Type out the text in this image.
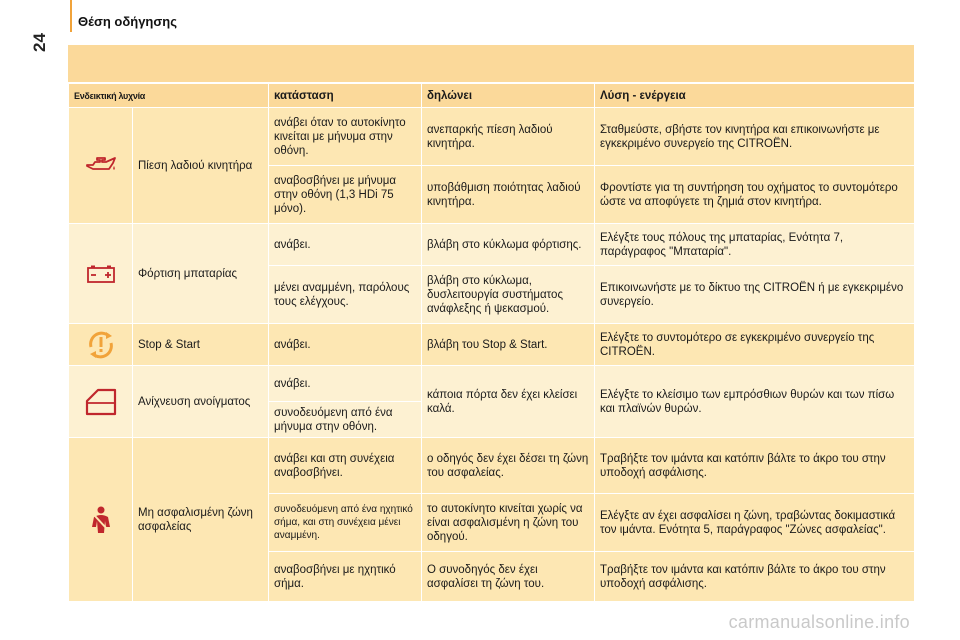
24
Θέση οδήγησης
Ενδεικτική λυχνία		κατάσταση	δηλώνει	Λύση - ενέργεια

	Πίεση λαδιού κινητήρα	ανάβει όταν το αυτοκίνητο κινείται με μήνυμα στην οθόνη.	ανεπαρκής πίεση λαδιού κινητήρα.	Σταθμεύστε, σβήστε τον κινητήρα και επικοινωνήστε με εγκεκριμένο συνεργείο της CITROËN.
		αναβοσβήνει με μήνυμα στην οθόνη (1,3 HDi 75 μόνο).	υποβάθμιση ποιότητας λαδιού κινητήρα.	Φροντίστε για τη συντήρηση του οχήματος το συντομότερο ώστε να αποφύγετε τη ζημιά στον κινητήρα.

	Φόρτιση μπαταρίας	ανάβει.	βλάβη στο κύκλωμα φόρτισης.	Ελέγξτε τους πόλους της μπαταρίας, Ενότητα 7, παράγραφος "Μπαταρία".
		μένει αναμμένη, παρόλους τους ελέγχους.	βλάβη στο κύκλωμα, δυσλειτουργία συστήματος ανάφλεξης ή ψεκασμού.	Επικοινωνήστε με το δίκτυο της CITROËN ή με εγκεκριμένο συνεργείο.

	Stop & Start	ανάβει.	βλάβη του Stop & Start.	Ελέγξτε το συντομότερο σε εγκεκριμένο συνεργείο της CITROËN.

	Ανίχνευση ανοίγματος	ανάβει.	κάποια πόρτα δεν έχει κλείσει καλά.	Ελέγξτε το κλείσιμο των εμπρόσθιων θυρών και των πίσω και πλαϊνών θυρών.
		συνοδευόμενη από ένα μήνυμα στην οθόνη.		

	Μη ασφαλισμένη ζώνη ασφαλείας	ανάβει και στη συνέχεια αναβοσβήνει.	ο οδηγός δεν έχει δέσει τη ζώνη του ασφαλείας.	Τραβήξτε τον ιμάντα και κατόπιν βάλτε το άκρο του στην υποδοχή ασφάλισης.
		συνοδευόμενη από ένα ηχητικό σήμα, και στη συνέχεια μένει αναμμένη.	το αυτοκίνητο κινείται χωρίς να είναι ασφαλισμένη η ζώνη του οδηγού.	Ελέγξτε αν έχει ασφαλίσει η ζώνη, τραβώντας δοκιμαστικά τον ιμάντα. Ενότητα 5, παράγραφος "Ζώνες ασφαλείας".
		αναβοσβήνει με ηχητικό σήμα.	Ο συνοδηγός δεν έχει ασφαλίσει τη ζώνη του.	Τραβήξτε τον ιμάντα και κατόπιν βάλτε το άκρο του στην υποδοχή ασφάλισης.
carmanualsonline.info
